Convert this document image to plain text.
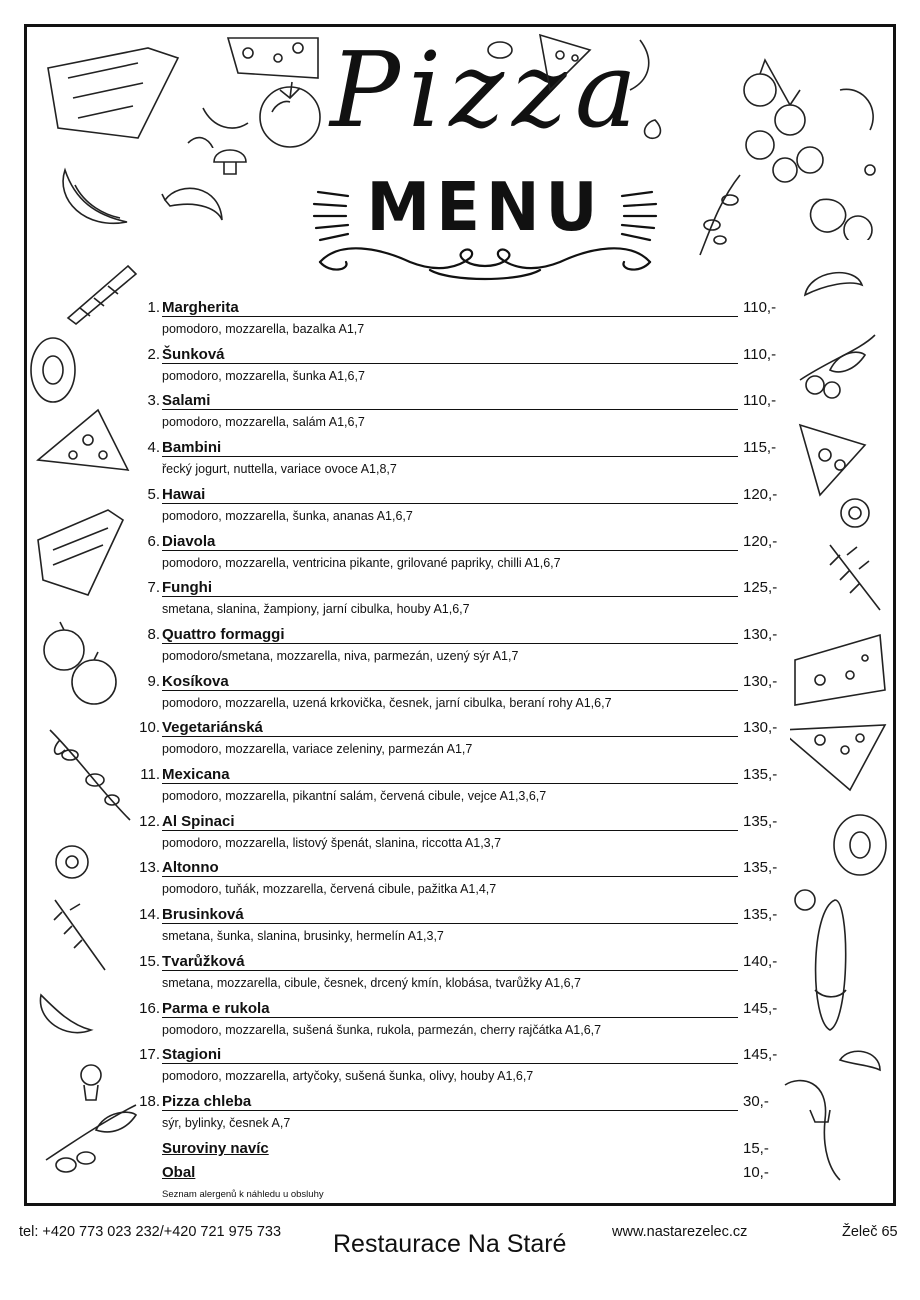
Pizza
MENU
1. Margherita	110,-
pomodoro, mozzarella, bazalka A1,7
2. Šunková	110,-
pomodoro, mozzarella, šunka A1,6,7
3. Salami	110,-
pomodoro, mozzarella, salám A1,6,7
4. Bambini	115,-
řecký jogurt, nuttella, variace ovoce A1,8,7
5. Hawai	120,-
pomodoro, mozzarella, šunka, ananas A1,6,7
6. Diavola	120,-
pomodoro, mozzarella, ventricina pikante, grilované papriky, chilli A1,6,7
7. Funghi	125,-
smetana, slanina, žampiony, jarní cibulka, houby A1,6,7
8. Quattro formaggi	130,-
pomodoro/smetana, mozzarella, niva, parmezán, uzený sýr A1,7
9. Kosíkova	130,-
pomodoro, mozzarella, uzená krkovička, česnek, jarní cibulka, beraní rohy A1,6,7
10. Vegetariánská	130,-
pomodoro, mozzarella, variace zeleniny, parmezán A1,7
11. Mexicana	135,-
pomodoro, mozzarella, pikantní salám, červená cibule, vejce A1,3,6,7
12. Al Spinaci	135,-
pomodoro, mozzarella, listový špenát, slanina, riccotta A1,3,7
13. Altonno	135,-
pomodoro, tuňák, mozzarella, červená cibule, pažitka A1,4,7
14. Brusinková	135,-
smetana, šunka, slanina, brusinky, hermelín A1,3,7
15. Tvarůžková	140,-
smetana, mozzarella, cibule, česnek, drcený kmín, klobása, tvarůžky A1,6,7
16. Parma e rukola	145,-
pomodoro, mozzarella, sušená šunka, rukola, parmezán, cherry rajčátka A1,6,7
17. Stagioni	145,-
pomodoro, mozzarella, artyčoky, sušená šunka, olivy, houby A1,6,7
18. Pizza chleba	30,-
sýr, bylinky, česnek A,7
Suroviny navíc	15,-
Obal	10,-
Seznam alergenů k náhledu u obsluhy
tel: +420 773 023 232/+420 721 975 733 Restaurace Na Staré	www.nastarezelec.cz	Želeč 65
